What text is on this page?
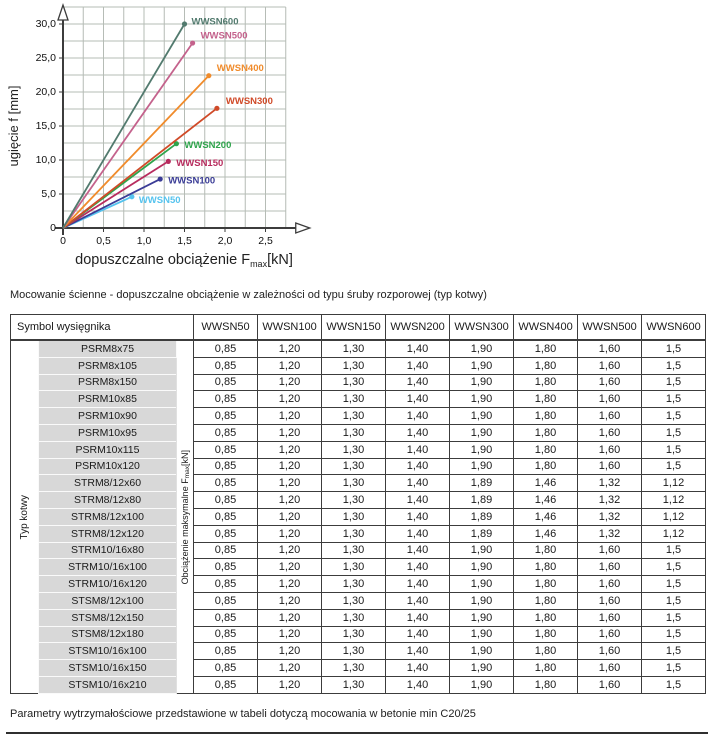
30,0
25,0
20,0
15,0
10,0
5,0
0
0	0,5 1,0 1,5 2,0 2,5
WWSN50
WWSN100
WWSN150
WWSN200
WWSN300
WWSN400
WWSN500
WWSN600
ugięcie f [mm]
dopuszczalne obciążenie $F_{max}[kN]$
Mocowanie ścienne - dopuszczalne obciążenie w zależności od typu śruby rozporowej (typ kotwy)
Symbol wysięgnika			WWSN50	WWSN100	WWSN150	WWSN200	WWSN300	WWSN400	WWSN500	WWSN600

Typ kotwy	PSRM8x75	Obciążenie maksymalne $F_{max}[kN]$	0,85	1,20	1,30	1,40	1,90	1,80	1,60	1,5
	PSRM8x105		0,85	1,20	1,30	1,40	1,90	1,80	1,60	1,5
	PSRM8x150		0,85	1,20	1,30	1,40	1,90	1,80	1,60	1,5
	PSRM10x85		0,85	1,20	1,30	1,40	1,90	1,80	1,60	1,5
	PSRM10x90		0,85	1,20	1,30	1,40	1,90	1,80	1,60	1,5
	PSRM10x95		0,85	1,20	1,30	1,40	1,90	1,80	1,60	1,5
	PSRM10x115		0,85	1,20	1,30	1,40	1,90	1,80	1,60	1,5
	PSRM10x120		0,85	1,20	1,30	1,40	1,90	1,80	1,60	1,5
	STRM8/12x60		0,85	1,20	1,30	1,40	1,89	1,46	1,32	1,12
	STRM8/12x80		0,85	1,20	1,30	1,40	1,89	1,46	1,32	1,12
	STRM8/12x100		0,85	1,20	1,30	1,40	1,89	1,46	1,32	1,12
	STRM8/12x120		0,85	1,20	1,30	1,40	1,89	1,46	1,32	1,12
	STRM10/16x80		0,85	1,20	1,30	1,40	1,90	1,80	1,60	1,5
	STRM10/16x100		0,85	1,20	1,30	1,40	1,90	1,80	1,60	1,5
	STRM10/16x120		0,85	1,20	1,30	1,40	1,90	1,80	1,60	1,5
	STSM8/12x100		0,85	1,20	1,30	1,40	1,90	1,80	1,60	1,5
	STSM8/12x150		0,85	1,20	1,30	1,40	1,90	1,80	1,60	1,5
	STSM8/12x180		0,85	1,20	1,30	1,40	1,90	1,80	1,60	1,5
	STSM10/16x100		0,85	1,20	1,30	1,40	1,90	1,80	1,60	1,5
	STSM10/16x150		0,85	1,20	1,30	1,40	1,90	1,80	1,60	1,5
	STSM10/16x210		0,85	1,20	1,30	1,40	1,90	1,80	1,60	1,5
Parametry wytrzymałościowe przedstawione w tabeli dotyczą mocowania w betonie min C20/25
